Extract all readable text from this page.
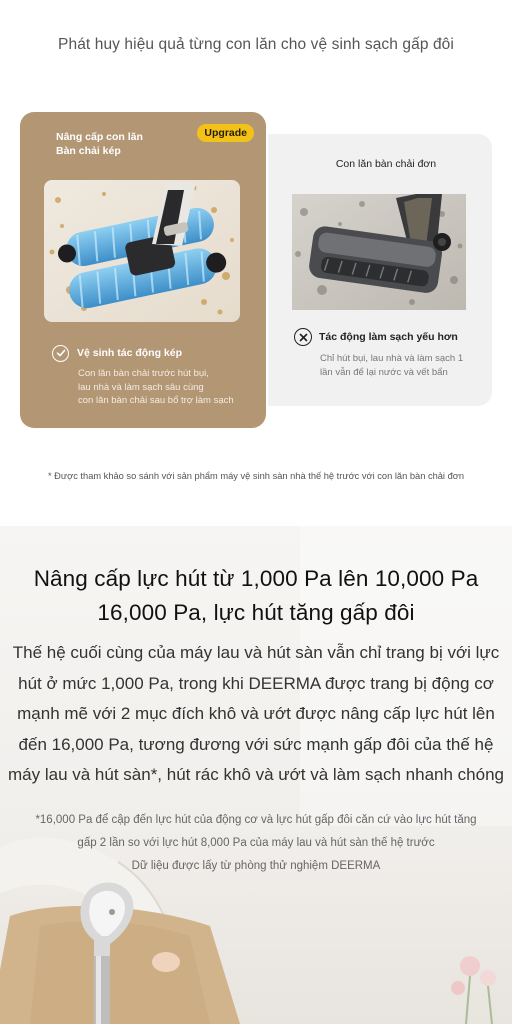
Phát huy hiệu quả từng con lăn cho vệ sinh sạch gấp đôi
Nâng cấp con lăn
Bàn chải kép
Upgrade
Vệ sinh tác động kép
Con lăn bàn chải trước hút bụi,
lau nhà và làm sạch sâu cùng
con lăn bàn chải sau bổ trợ làm sạch
Con lăn bàn chải đơn
Tác động làm sạch yếu hơn
Chỉ hút bụi, lau nhà và làm sạch 1
lần vẫn để lại nước và vết bẩn
* Được tham khảo so sánh với sản phẩm máy vệ sinh sàn nhà thế hệ trước với con lăn bàn chải đơn
Nâng cấp lực hút từ 1,000 Pa lên 10,000 Pa
16,000 Pa, lực hút tăng gấp đôi
Thế hệ cuối cùng của máy lau và hút sàn vẫn chỉ trang bị với lực
hút ở mức 1,000 Pa, trong khi DEERMA được trang bị động cơ
mạnh mẽ với 2 mục đích khô và ướt được nâng cấp lực hút lên
đến 16,000 Pa, tương đương với sức mạnh gấp đôi của thế hệ
máy lau và hút sàn*, hút rác khô và ướt và làm sạch nhanh chóng
*16,000 Pa để cập đến lực hút của động cơ và lực hút gấp đôi căn cứ vào lực hút tăng
gấp 2 lần so với lực hút 8,000 Pa của máy lau và hút sàn thế hệ trước
Dữ liệu được lấy từ phòng thử nghiệm DEERMA
